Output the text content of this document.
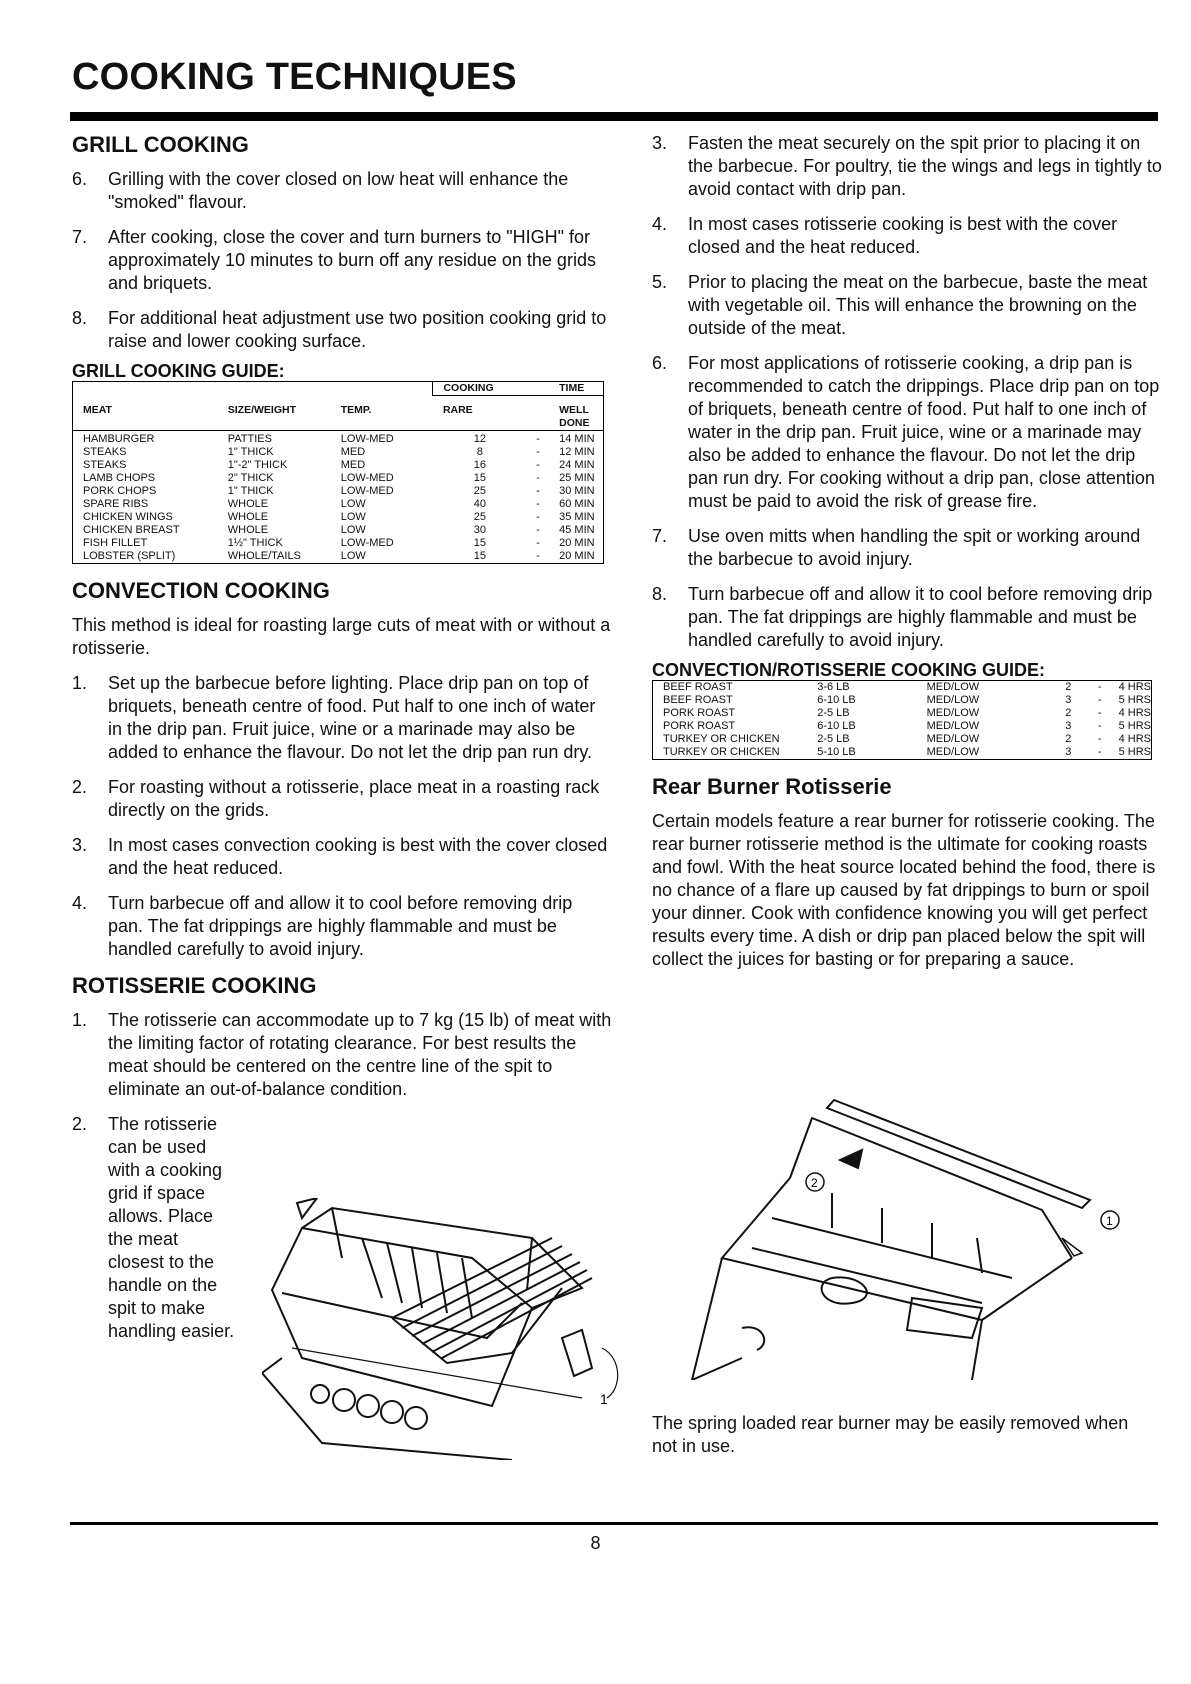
COOKING TECHNIQUES
GRILL COOKING
6.	Grilling with the cover closed on low heat will enhance the "smoked" flavour.
7.	After cooking, close the cover and turn burners to "HIGH" for approximately 10 minutes to burn off any residue on the grids and briquets.
8.	For additional heat adjustment use two position cooking grid to raise and lower cooking surface.
GRILL COOKING GUIDE:
			COOKING		TIME
MEAT	SIZE/WEIGHT	TEMP.	RARE		WELL DONE
HAMBURGER	PATTIES	LOW-MED	12	-	14 MIN
STEAKS	1" THICK	MED	8	-	12 MIN
STEAKS	1"-2" THICK	MED	16	-	24 MIN
LAMB CHOPS	2" THICK	LOW-MED	15	-	25 MIN
PORK CHOPS	1" THICK	LOW-MED	25	-	30 MIN
SPARE RIBS	WHOLE	LOW	40	-	60 MIN
CHICKEN WINGS	WHOLE	LOW	25	-	35 MIN
CHICKEN BREAST	WHOLE	LOW	30	-	45 MIN
FISH FILLET	1½" THICK	LOW-MED	15	-	20 MIN
LOBSTER (SPLIT)	WHOLE/TAILS	LOW	15	-	20 MIN
CONVECTION COOKING

This method is ideal for roasting large cuts of meat with or without a rotisserie.

1.	Set up the barbecue before lighting. Place drip pan on top of briquets, beneath centre of food. Put half to one inch of water in the drip pan. Fruit juice, wine or a marinade may also be added to enhance the flavour. Do not let the drip pan run dry.
2.	For roasting without a rotisserie, place meat in a roasting rack directly on the grids.
3.	In most cases convection cooking is best with the cover closed and the heat reduced.
4.	Turn barbecue off and allow it to cool before removing drip pan. The fat drippings are highly flammable and must be handled carefully to avoid injury.
ROTISSERIE COOKING
1.	The rotisserie can accommodate up to 7 kg (15 lb) of meat with the limiting factor of rotating clearance. For best results the meat should be centered on the centre line of the spit to eliminate an out-of-balance condition.
2.	The rotisserie can be used with a cooking grid if space allows. Place the meat closest to the handle on the spit to make handling easier.
1
3.	Fasten the meat securely on the spit prior to placing it on the barbecue. For poultry, tie the wings and legs in tightly to avoid contact with drip pan.
4.	In most cases rotisserie cooking is best with the cover closed and the heat reduced.
5.	Prior to placing the meat on the barbecue, baste the meat with vegetable oil. This will enhance the browning on the outside of the meat.
6.	For most applications of rotisserie cooking, a drip pan is recommended to catch the drippings. Place drip pan on top of briquets, beneath centre of food. Put half to one inch of water in the drip pan. Fruit juice, wine or a marinade may also be added to enhance the flavour. Do not let the drip pan run dry. For cooking without a drip pan, close attention must be paid to avoid the risk of grease fire.
7.	Use oven mitts when handling the spit or working around the barbecue to avoid injury.
8.	Turn barbecue off and allow it to cool before removing drip pan. The fat drippings are highly flammable and must be handled carefully to avoid injury.
CONVECTION/ROTISSERIE COOKING GUIDE:
BEEF ROAST	3-6 LB	MED/LOW	2	-	4 HRS
BEEF ROAST	6-10 LB	MED/LOW	3	-	5 HRS
PORK ROAST	2-5 LB	MED/LOW	2	-	4 HRS
PORK ROAST	6-10 LB	MED/LOW	3	-	5 HRS
TURKEY OR CHICKEN	2-5 LB	MED/LOW	2	-	4 HRS
TURKEY OR CHICKEN	5-10 LB	MED/LOW	3	-	5 HRS
Rear Burner Rotisserie

Certain models feature a rear burner for rotisserie cooking. The rear burner rotisserie method is the ultimate for cooking roasts and fowl. With the heat source located behind the food, there is no chance of a flare up caused by fat drippings to burn or spoil your dinner. Cook with confidence knowing you will get perfect results every time. A dish or drip pan placed below the spit will collect the juices for basting or for preparing a sauce.

2
1

The spring loaded rear burner may be easily removed when not in use.

8
